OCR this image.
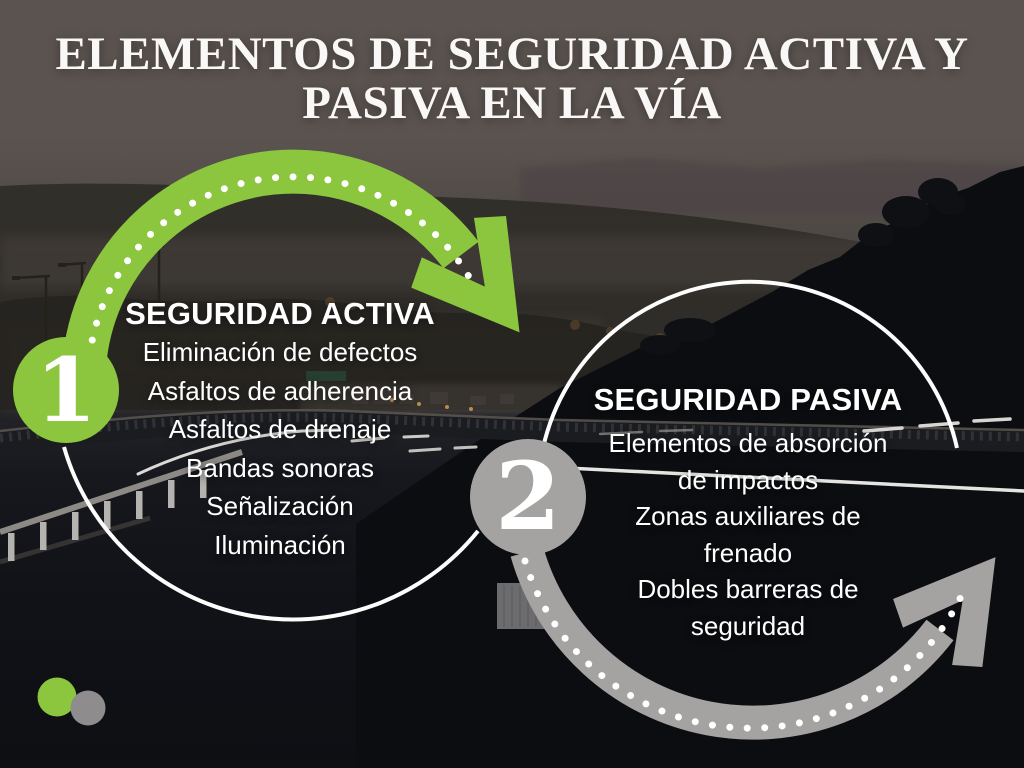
ELEMENTOS DE SEGURIDAD ACTIVA Y
PASIVA EN LA VÍA
1
2
SEGURIDAD ACTIVA
Eliminación de defectos
Asfaltos de adherencia
Asfaltos de drenaje
Bandas sonoras
Señalización
Iluminación
SEGURIDAD PASIVA
Elementos de absorción de impactos
Zonas auxiliares de frenado
Dobles barreras de seguridad
